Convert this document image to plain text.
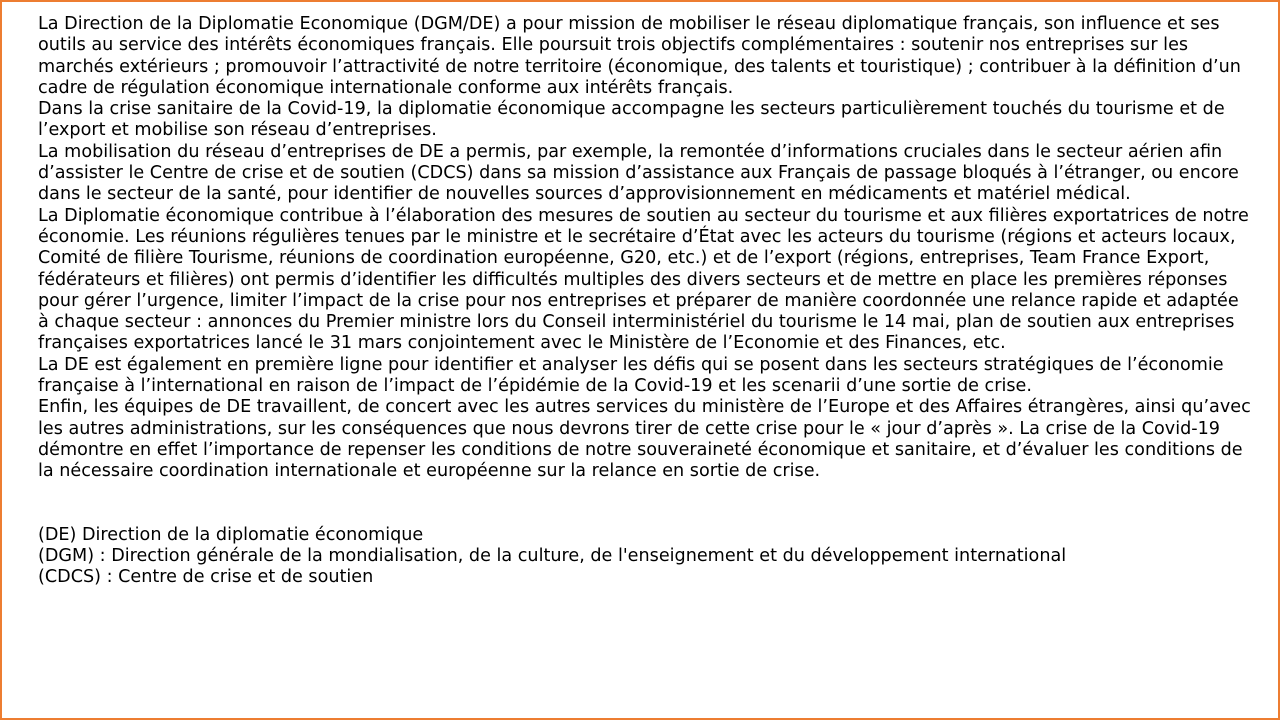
La Direction de la Diplomatie Economique (DGM/DE) a pour mission de mobiliser le réseau diplomatique français, son influence et ses outils au service des intérêts économiques français. Elle poursuit trois objectifs complémentaires : soutenir nos entreprises sur les marchés extérieurs ; promouvoir l’attractivité de notre territoire (économique, des talents et touristique) ; contribuer à la définition d’un cadre de régulation économique internationale conforme aux intérêts français.

Dans la crise sanitaire de la Covid-19, la diplomatie économique accompagne les secteurs particulièrement touchés du tourisme et de l’export et mobilise son réseau d’entreprises.

La mobilisation du réseau d’entreprises de DE a permis, par exemple, la remontée d’informations cruciales dans le secteur aérien afin d’assister le Centre de crise et de soutien (CDCS) dans sa mission d’assistance aux Français de passage bloqués à l’étranger, ou encore dans le secteur de la santé, pour identifier de nouvelles sources d’approvisionnement en médicaments et matériel médical.

La Diplomatie économique contribue à l’élaboration des mesures de soutien au secteur du tourisme et aux filières exportatrices de notre économie. Les réunions régulières tenues par le ministre et le secrétaire d’État avec les acteurs du tourisme (régions et acteurs locaux, Comité de filière Tourisme, réunions de coordination européenne, G20, etc.) et de l’export (régions, entreprises, Team France Export, fédérateurs et filières) ont permis d’identifier les difficultés multiples des divers secteurs et de mettre en place les premières réponses pour gérer l’urgence, limiter l’impact de la crise pour nos entreprises et préparer de manière coordonnée une relance rapide et adaptée à chaque secteur : annonces du Premier ministre lors du Conseil interministériel du tourisme le 14 mai, plan de soutien aux entreprises françaises exportatrices lancé le 31 mars conjointement avec le Ministère de l’Economie et des Finances, etc.

La DE est également en première ligne pour identifier et analyser les défis qui se posent dans les secteurs stratégiques de l’économie française à l’international en raison de l’impact de l’épidémie de la Covid-19 et les scenarii d’une sortie de crise.

Enfin, les équipes de DE travaillent, de concert avec les autres services du ministère de l’Europe et des Affaires étrangères, ainsi qu’avec les autres administrations, sur les conséquences que nous devrons tirer de cette crise pour le « jour d’après ». La crise de la Covid-19 démontre en effet l’importance de repenser les conditions de notre souveraineté économique et sanitaire, et d’évaluer les conditions de la nécessaire coordination internationale et européenne sur la relance en sortie de crise.

(DE) Direction de la diplomatie économique

(DGM) : Direction générale de la mondialisation, de la culture, de l'enseignement et du développement international

(CDCS) : Centre de crise et de soutien
